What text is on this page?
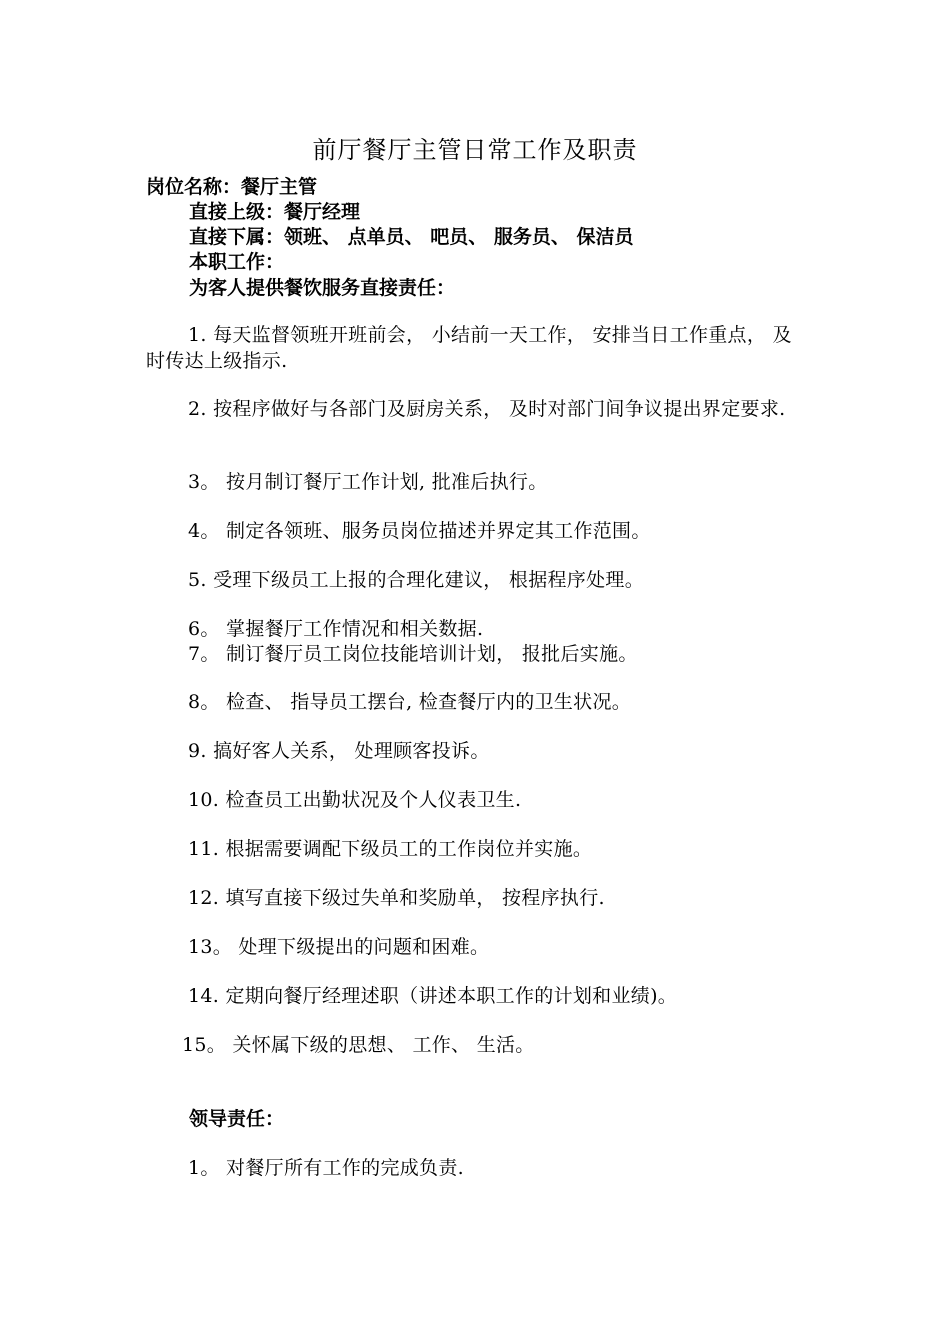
前厅餐厅主管日常工作及职责
岗位名称：餐厅主管
直接上级：餐厅经理
直接下属：领班、 点单员、 吧员、 服务员、 保洁员
本职工作：
为客人提供餐饮服务直接责任：
1. 每天监督领班开班前会， 小结前一天工作， 安排当日工作重点， 及时传达上级指示.
2. 按程序做好与各部门及厨房关系， 及时对部门间争议提出界定要求.
3。 按月制订餐厅工作计划, 批准后执行。
4。 制定各领班、服务员岗位描述并界定其工作范围。
5. 受理下级员工上报的合理化建议， 根据程序处理。
6。 掌握餐厅工作情况和相关数据.
7。 制订餐厅员工岗位技能培训计划， 报批后实施。
8。 检查、 指导员工摆台, 检查餐厅内的卫生状况。
9. 搞好客人关系， 处理顾客投诉。
10. 检查员工出勤状况及个人仪表卫生.
11. 根据需要调配下级员工的工作岗位并实施。
12. 填写直接下级过失单和奖励单， 按程序执行.
13。 处理下级提出的问题和困难。
14. 定期向餐厅经理述职（讲述本职工作的计划和业绩)。
15。 关怀属下级的思想、 工作、 生活。
领导责任：
1。 对餐厅所有工作的完成负责.
